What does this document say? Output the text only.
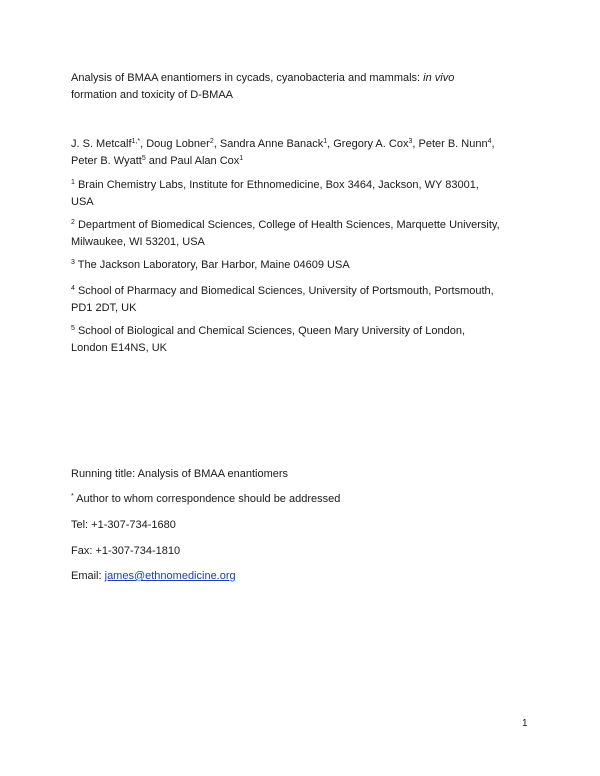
Analysis of BMAA enantiomers in cycads, cyanobacteria and mammals: in vivo
formation and toxicity of D-BMAA
J. S. Metcalf$^{1,*}$, Doug Lobner$^2$, Sandra Anne Banack$^1$, Gregory A. Cox$^3$, Peter B. Nunn$^4$,
Peter B. Wyatt$^5$ and Paul Alan Cox$^1$
$^1$ Brain Chemistry Labs, Institute for Ethnomedicine, Box 3464, Jackson, WY 83001,
USA
$^2$ Department of Biomedical Sciences, College of Health Sciences, Marquette University,
Milwaukee, WI 53201, USA
$^3$ The Jackson Laboratory, Bar Harbor, Maine 04609 USA
$^4$ School of Pharmacy and Biomedical Sciences, University of Portsmouth, Portsmouth,
PD1 2DT, UK
$^5$ School of Biological and Chemical Sciences, Queen Mary University of London,
London E14NS, UK
Running title: Analysis of BMAA enantiomers
* Author to whom correspondence should be addressed
Tel: +1-307-734-1680
Fax: +1-307-734-1810
Email: james@ethnomedicine.org
1
